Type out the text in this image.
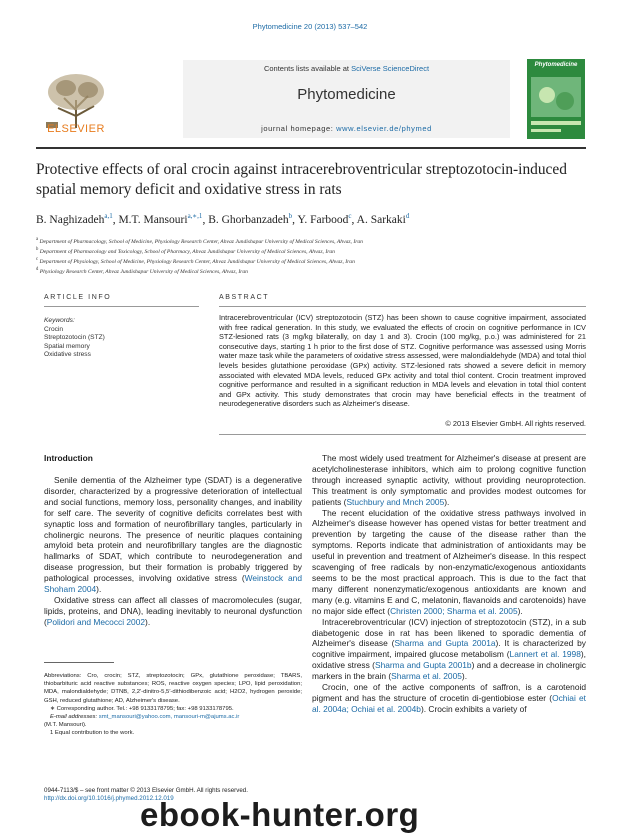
Phytomedicine 20 (2013) 537–542
Contents lists available at SciVerse ScienceDirect
Phytomedicine
journal homepage: www.elsevier.de/phymed
ELSEVIER
Phytomedicine
Protective effects of oral crocin against intracerebroventricular streptozotocin-induced spatial memory deficit and oxidative stress in rats
B. Naghizadeh$^{a,1}$, M.T. Mansouri$^{a,∗,1}$, B. Ghorbanzadeh$^b$, Y. Farbood$^c$, A. Sarkaki$^d$
$^a$ Department of Pharmacology, School of Medicine, Physiology Research Center, Ahvaz Jundishapur University of Medical Sciences, Ahvaz, Iran
$^b$ Department of Pharmacology and Toxicology, School of Pharmacy, Ahvaz Jundishapur University of Medical Sciences, Ahvaz, Iran
$^c$ Department of Physiology, School of Medicine, Physiology Research Center, Ahvaz Jundishapur University of Medical Sciences, Ahvaz, Iran
$^d$ Physiology Research Center, Ahvaz Jundishapur University of Medical Sciences, Ahvaz, Iran
ARTICLE INFO	ABSTRACT
Keywords:
Crocin
Streptozotocin (STZ)
Spatial memory
Oxidative stress
Intracerebroventricular (ICV) streptozotocin (STZ) has been shown to cause cognitive impairment, associated with free radical generation. In this study, we evaluated the effects of crocin on cognitive performance in ICV STZ-lesioned rats (3 mg/kg bilaterally, on day 1 and 3). Crocin (100 mg/kg, p.o.) was administered for 21 consecutive days, starting 1 h prior to the first dose of STZ. Cognitive performance was assessed using Morris water maze task while the parameters of oxidative stress assessed, were malondialdehyde (MDA) and total thiol levels besides glutathione peroxidase (GPx) activity. STZ-lesioned rats showed a severe deficit in memory associated with elevated MDA levels, reduced GPx activity and total thiol content. Crocin treatment improved cognitive performance and resulted in a significant reduction in MDA levels and elevation in total thiol content and GPx activity. This study demonstrates that crocin may have beneficial effects in the treatment of neurodegenerative disorders such as Alzheimer's disease.
© 2013 Elsevier GmbH. All rights reserved.
Introduction

Senile dementia of the Alzheimer type (SDAT) is a degenerative disorder, characterized by a progressive deterioration of intellectual and social functions, memory loss, personality changes, and inability for self care. The severity of cognitive deficits correlates best with synaptic loss and formation of neurofibrillary tangles, particularly in cholinergic neurons. The presence of neuritic plaques containing amyloid beta protein and neurofibrillary tangles are the diagnostic hallmarks of SDAT, which contribute to neurodegeneration and disease progression, but their formation is probably triggered by pathological processes, involving oxidative stress (Weinstock and Shoham 2004).

Oxidative stress can affect all classes of macromolecules (sugar, lipids, proteins, and DNA), leading inevitably to neuronal dysfunction (Polidori and Mecocci 2002).

The most widely used treatment for Alzheimer's disease at present are acetylcholinesterase inhibitors, which aim to prolong cognitive function through increased synaptic activity, without providing neuroprotection. This treatment is only symptomatic and provides modest outcomes for patients (Stuchbury and Mnch 2005).

The recent elucidation of the oxidative stress pathways involved in Alzheimer's disease however has opened vistas for better treatment and prevention by targeting the cause of the disease rather than the symptoms. Reports indicate that administration of antioxidants may be useful in prevention and treatment of Alzheimer's disease. In this respect scavenging of free radicals by non-enzymatic/exogenous antioxidants seems to be the most practical approach. This is due to the fact that many different nonenzymatic/exogenous antioxidants are known and many (e.g. vitamins E and C, melatonin, flavanoids and carotenoids) have no major side effect (Christen 2000; Sharma et al. 2005).

Intracerebroventricular (ICV) injection of streptozotocin (STZ), in a sub diabetogenic dose in rat has been likened to sporadic dementia of Alzheimer's disease (Sharma and Gupta 2001a). It is characterized by cognitive impairment, impaired glucose metabolism (Lannert et al. 1998), oxidative stress (Sharma and Gupta 2001b) and a decrease in cholinergic markers in the brain (Sharma et al. 2005).

Crocin, one of the active components of saffron, is a carotenoid pigment and has the structure of crocetin di-gentiobiose ester (Ochiai et al. 2004a; Ochiai et al. 2004b). Crocin exhibits a variety of

Abbreviations: Cro, crocin; STZ, streptozotocin; GPx, glutathione peroxidase; TBARS, thiobarbituric acid reactive substances; ROS, reactive oxygen species; LPO, lipid peroxidation; MDA, malondialdehyde; DTNB, 2,2′-dinitro-5,5′-dithiodibenzoic acid; H2O2, hydrogen peroxide; GSH, reduced glutathione; AD, Alzheimer's disease.
∗ Corresponding author. Tel.: +98 9133178795; fax: +98 9133178795.
E-mail addresses: smt_mansouri@yahoo.com, mansouri-m@ajums.ac.ir
(M.T. Mansouri).
1 Equal contribution to the work.
0944-7113/$ – see front matter © 2013 Elsevier GmbH. All rights reserved.
http://dx.doi.org/10.1016/j.phymed.2012.12.019
ebook-hunter.org
